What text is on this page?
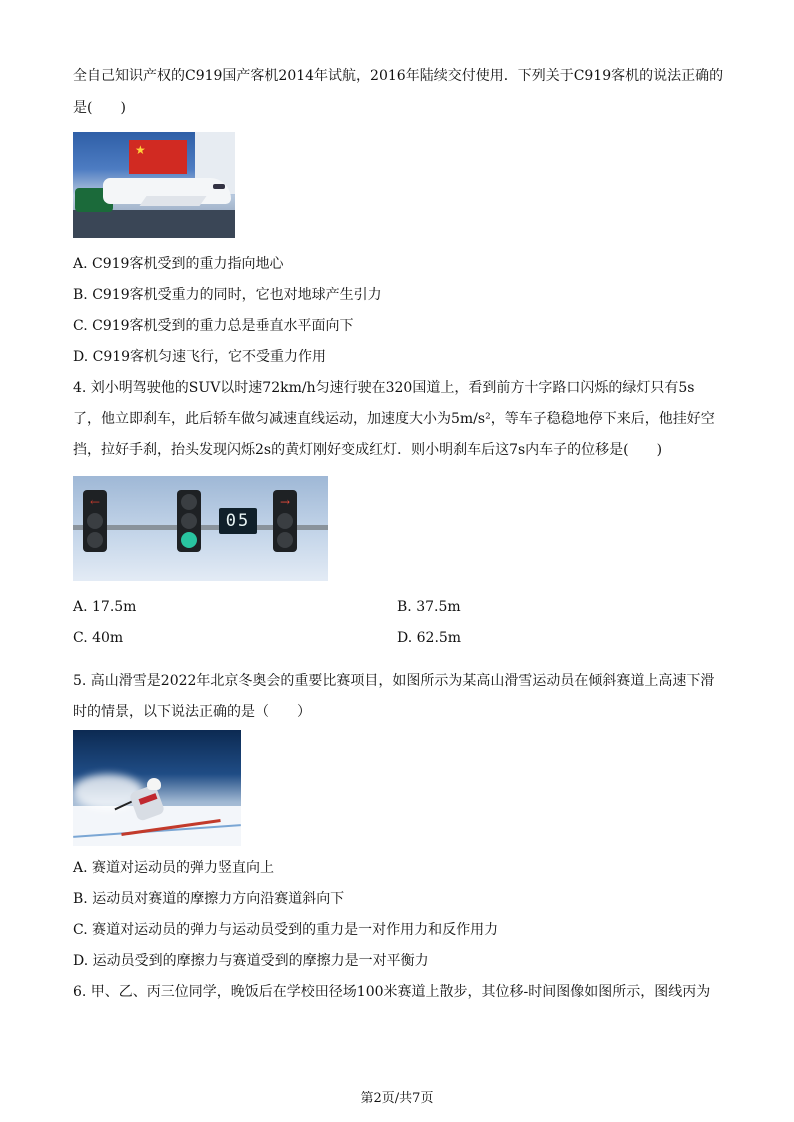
全自己知识产权的C919国产客机2014年试航，2016年陆续交付使用．下列关于C919客机的说法正确的
是(　　)
★
A. C919客机受到的重力指向地心
B. C919客机受重力的同时，它也对地球产生引力
C. C919客机受到的重力总是垂直水平面向下
D. C919客机匀速飞行，它不受重力作用
4. 刘小明驾驶他的SUV以时速72km/h匀速行驶在320国道上，看到前方十字路口闪烁的绿灯只有5s
了，他立即刹车，此后轿车做匀减速直线运动，加速度大小为5m/s²，等车子稳稳地停下来后，他挂好空
挡，拉好手刹，抬头发现闪烁2s的黄灯刚好变成红灯．则小明刹车后这7s内车子的位移是(　　)
←
05
→
A. 17.5m	B. 37.5m
C. 40m	D. 62.5m
5. 高山滑雪是2022年北京冬奥会的重要比赛项目，如图所示为某高山滑雪运动员在倾斜赛道上高速下滑
时的情景，以下说法正确的是（　　）
A. 赛道对运动员的弹力竖直向上
B. 运动员对赛道的摩擦力方向沿赛道斜向下
C. 赛道对运动员的弹力与运动员受到的重力是一对作用力和反作用力
D. 运动员受到的摩擦力与赛道受到的摩擦力是一对平衡力
6. 甲、乙、丙三位同学，晚饭后在学校田径场100米赛道上散步，其位移-时间图像如图所示，图线丙为
第2页/共7页
